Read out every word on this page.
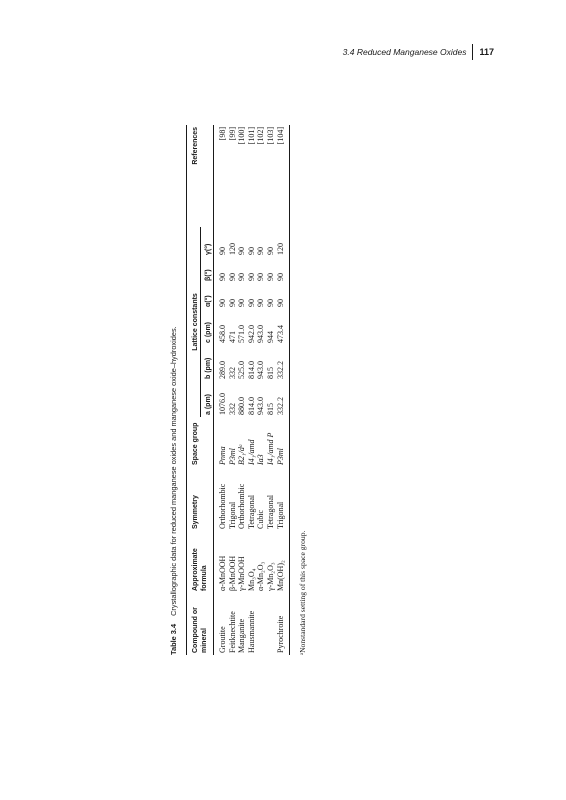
3.4 Reduced Manganese Oxides 117
Table 3.4Crystallographic data for reduced manganese oxides and manganese oxide–hydroxides.
Compound or mineral	Approximate formula	Symmetry	Space group	Lattice constants						References
				a (pm)	b (pm)	c (pm)	α(°)	β(°)	γ(°)	
Groutite	α-MnOOH	Orthorhombic	Pnma	1076.0	289.0	458.0	90	90	90	[98]
Feitknechtite	β-MnOOH	Trigonal	P3ml	332	332	471	90	90	120	[99]
Manganite	γ-MnOOH	Orthorhombic	B2₁/dᵃ	880.0	525.0	571.0	90	90	90	[100]
Hausmannite	Mn₃O₄	Tetragonal	I4₁/amd	814.0	814.0	942.0	90	90	90	[101]
	α-Mn₂O₃	Cubic	Ia3	943.0	943.0	943.0	90	90	90	[102]
	γ-Mn₂O₃	Tetragonal	I4₁/amd P	815	815	944	90	90	90	[103]
Pyrochroite	Mn(OH)₂	Trigonal	P3ml	332.2	332.2	473.4	90	90	120	[104]
ᵃNonstandard setting of this space group.
